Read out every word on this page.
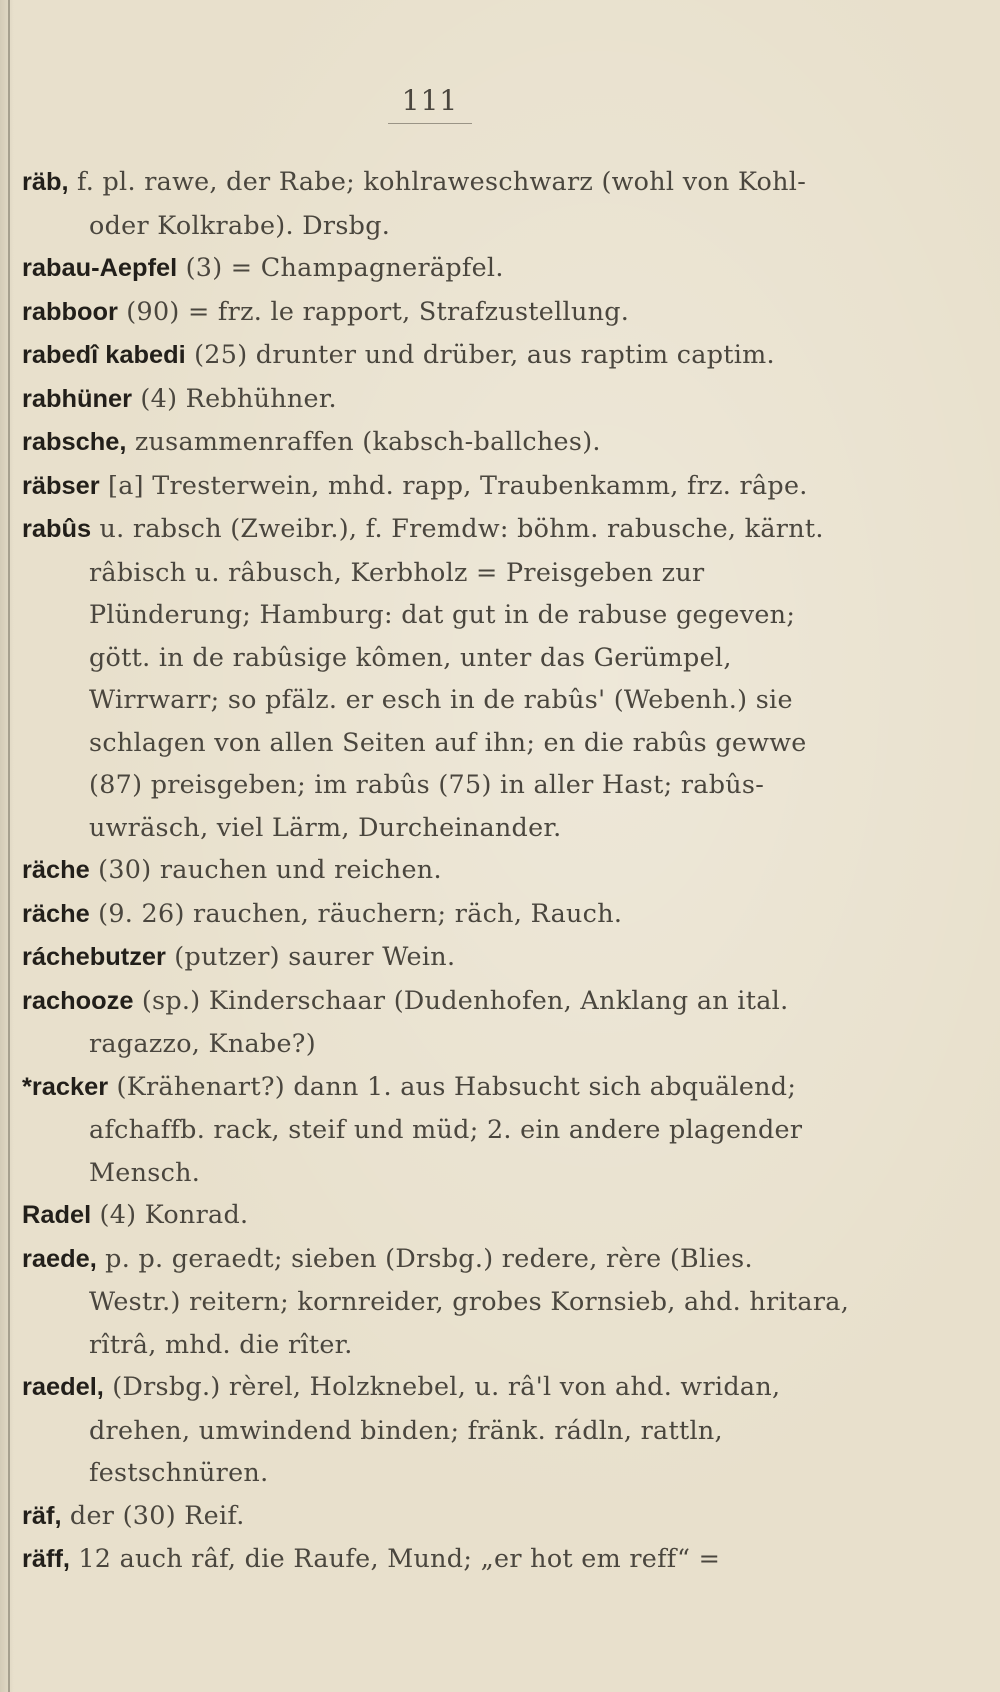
111
räb, f. pl. rawe, der Rabe; kohlraweschwarz (wohl von Kohl- oder Kolkrabe). Drsbg.
rabau-Aepfel (3) = Champagneräpfel.
rabboor (90) = frz. le rapport, Strafzustellung.
rabedî kabedi (25) drunter und drüber, aus raptim captim.
rabhüner (4) Rebhühner.
rabsche, zusammenraffen (kabsch-ballches).
räbser [a] Tresterwein, mhd. rapp, Traubenkamm, frz. râpe.
rabûs u. rabsch (Zweibr.), f. Fremdw: böhm. rabusche, kärnt. râbisch u. râbusch, Kerbholz = Preisgeben zur Plünderung; Hamburg: dat gut in de rabuse gegeven; gött. in de rabûsige kômen, unter das Gerümpel, Wirrwarr; so pfälz. er esch in de rabûs' (Webenh.) sie schlagen von allen Seiten auf ihn; en die rabûs gewwe (87) preisgeben; im rabûs (75) in aller Hast; rabûs-uwräsch, viel Lärm, Durcheinander.
räche (30) rauchen und reichen.
räche (9. 26) rauchen, räuchern; räch, Rauch.
ráchebutzer (putzer) saurer Wein.
rachooze (sp.) Kinderschaar (Dudenhofen, Anklang an ital. ragazzo, Knabe?)
*racker (Krähenart?) dann 1. aus Habsucht sich abquälend; afchaffb. rack, steif und müd; 2. ein andere plagender Mensch.
Radel (4) Konrad.
raede, p. p. geraedt; sieben (Drsbg.) redere, rère (Blies. Westr.) reitern; kornreider, grobes Kornsieb, ahd. hritara, rîtrâ, mhd. die rîter.
raedel, (Drsbg.) rèrel, Holzknebel, u. râ'l von ahd. wridan, drehen, umwindend binden; fränk. rádln, rattln, festschnüren.
räf, der (30) Reif.
räff, 12 auch râf, die Raufe, Mund; „er hot em reff“ =
